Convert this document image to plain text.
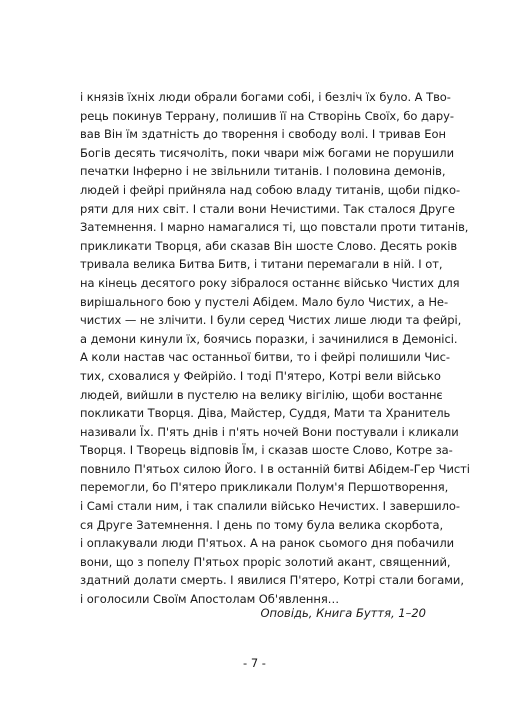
і князів їхніх люди обрали богами собі, і безліч їх було. А Тво-
рець покинув Террану, полишив її на Створінь Своїх, бо дару-
вав Він їм здатність до творення і свободу волі. І тривав Еон
Богів десять тисячоліть, поки чвари між богами не порушили
печатки Інферно і не звільнили титанів. І половина демонів,
людей і фейрі прийняла над собою владу титанів, щоби підко-
ряти для них світ. І стали вони Нечистими. Так сталося Друге
Затемнення. І марно намагалися ті, що повстали проти титанів,
прикликати Творця, аби сказав Він шосте Слово. Десять років
тривала велика Битва Битв, і титани перемагали в ній. І от,
на кінець десятого року зібралося останнє військо Чистих для
вирішального бою у пустелі Абідем. Мало було Чистих, а Не-
чистих — не злічити. І були серед Чистих лише люди та фейрі,
а демони кинули їх, боячись поразки, і зачинилися в Демонісі.
А коли настав час останньої битви, то і фейрі полишили Чис-
тих, сховалися у Фейрійо. І тоді П'ятеро, Котрі вели військо
людей, вийшли в пустелю на велику вігілію, щоби востаннє
покликати Творця. Діва, Майстер, Суддя, Мати та Хранитель
називали Їх. П'ять днів і п'ять ночей Вони постували і кликали
Творця. І Творець відповів Їм, і сказав шосте Слово, Котре за-
повнило П'ятьох силою Його. І в останній битві Абідем-Гер Чисті
перемогли, бо П'ятеро прикликали Полум'я Першотворення,
і Самі стали ним, і так спалили військо Нечистих. І завершило-
ся Друге Затемнення. І день по тому була велика скорбота,
і оплакували люди П'ятьох. А на ранок сьомого дня побачили
вони, що з попелу П'ятьох проріс золотий акант, священний,
здатний долати смерть. І явилися П'ятеро, Котрі стали богами,
і оголосили Своїм Апостолам Об'явлення…
Оповідь, Книга Буття, 1–20
- 7 -
